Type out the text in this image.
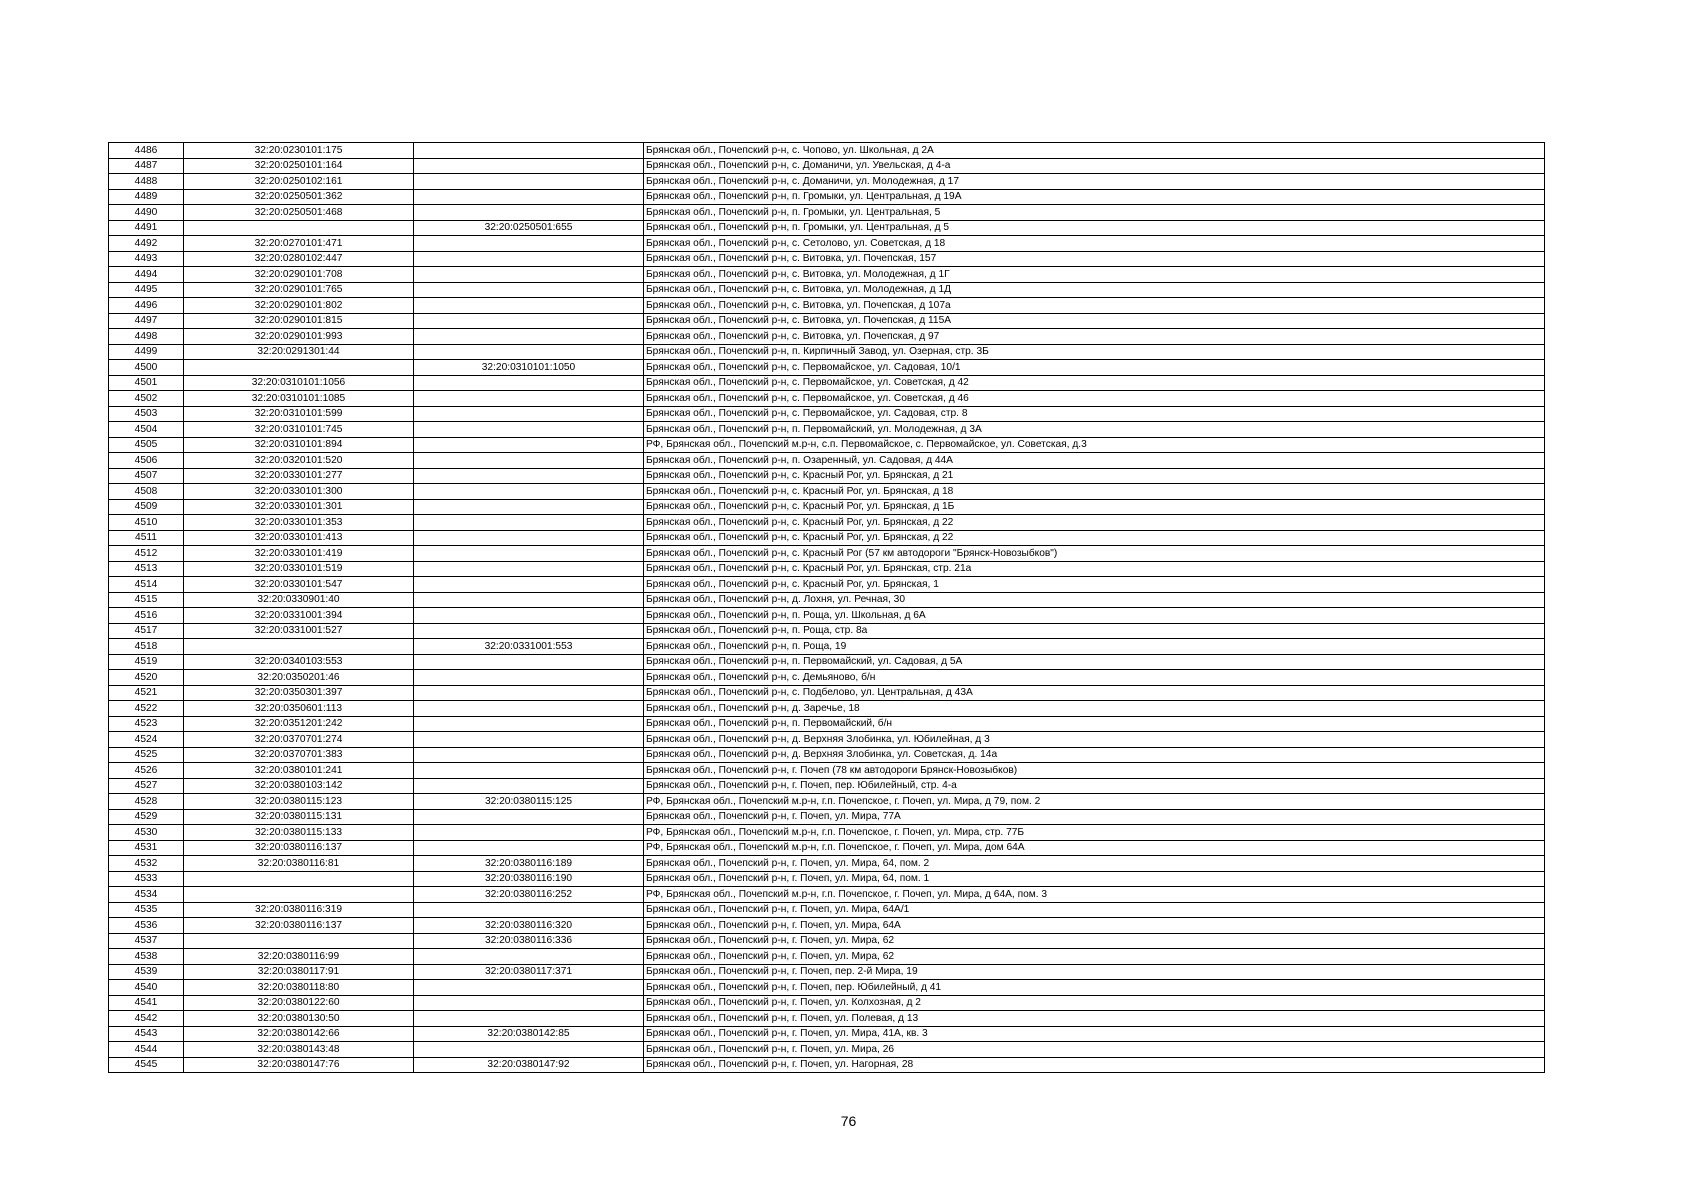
4486	32:20:0230101:175		Брянская обл., Почепский р-н, с. Чопово, ул. Школьная, д 2А
4487	32:20:0250101:164		Брянская обл., Почепский р-н, с. Доманичи, ул. Увельская, д 4-а
4488	32:20:0250102:161		Брянская обл., Почепский р-н, с. Доманичи, ул. Молодежная, д 17
4489	32:20:0250501:362		Брянская обл., Почепский р-н, п. Громыки, ул. Центральная, д 19А
4490	32:20:0250501:468		Брянская обл., Почепский р-н, п. Громыки, ул. Центральная, 5
4491		32:20:0250501:655	Брянская обл., Почепский р-н, п. Громыки, ул. Центральная, д 5
4492	32:20:0270101:471		Брянская обл., Почепский р-н, с. Сетолово, ул. Советская, д 18
4493	32:20:0280102:447		Брянская обл., Почепский р-н, с. Витовка, ул. Почепская, 157
4494	32:20:0290101:708		Брянская обл., Почепский р-н, с. Витовка, ул. Молодежная, д 1Г
4495	32:20:0290101:765		Брянская обл., Почепский р-н, с. Витовка, ул. Молодежная, д 1Д
4496	32:20:0290101:802		Брянская обл., Почепский р-н, с. Витовка, ул. Почепская, д 107а
4497	32:20:0290101:815		Брянская обл., Почепский р-н, с. Витовка, ул. Почепская, д 115А
4498	32:20:0290101:993		Брянская обл., Почепский р-н, с. Витовка, ул. Почепская, д 97
4499	32:20:0291301:44		Брянская обл., Почепский р-н, п. Кирпичный Завод, ул. Озерная, стр. 3Б
4500		32:20:0310101:1050	Брянская обл., Почепский р-н, с. Первомайское, ул. Садовая, 10/1
4501	32:20:0310101:1056		Брянская обл., Почепский р-н, с. Первомайское, ул. Советская, д 42
4502	32:20:0310101:1085		Брянская обл., Почепский р-н, с. Первомайское, ул. Советская, д 46
4503	32:20:0310101:599		Брянская обл., Почепский р-н, с. Первомайское, ул. Садовая, стр. 8
4504	32:20:0310101:745		Брянская обл., Почепский р-н, п. Первомайский, ул. Молодежная, д 3А
4505	32:20:0310101:894		РФ, Брянская обл., Почепский м.р-н, с.п. Первомайское, с. Первомайское, ул. Советская, д.3
4506	32:20:0320101:520		Брянская обл., Почепский р-н, п. Озаренный, ул. Садовая, д 44А
4507	32:20:0330101:277		Брянская обл., Почепский р-н, с. Красный Рог, ул. Брянская, д 21
4508	32:20:0330101:300		Брянская обл., Почепский р-н, с. Красный Рог, ул. Брянская, д 18
4509	32:20:0330101:301		Брянская обл., Почепский р-н, с. Красный Рог, ул. Брянская, д 1Б
4510	32:20:0330101:353		Брянская обл., Почепский р-н, с. Красный Рог, ул. Брянская, д 22
4511	32:20:0330101:413		Брянская обл., Почепский р-н, с. Красный Рог, ул. Брянская, д 22
4512	32:20:0330101:419		Брянская обл., Почепский р-н, с. Красный Рог (57 км автодороги "Брянск-Новозыбков")
4513	32:20:0330101:519		Брянская обл., Почепский р-н, с. Красный Рог, ул. Брянская, стр. 21а
4514	32:20:0330101:547		Брянская обл., Почепский р-н, с. Красный Рог, ул. Брянская, 1
4515	32:20:0330901:40		Брянская обл., Почепский р-н, д. Лохня, ул. Речная, 30
4516	32:20:0331001:394		Брянская обл., Почепский р-н, п. Роща, ул. Школьная, д 6А
4517	32:20:0331001:527		Брянская обл., Почепский р-н, п. Роща, стр. 8а
4518		32:20:0331001:553	Брянская обл., Почепский р-н, п. Роща, 19
4519	32:20:0340103:553		Брянская обл., Почепский р-н, п. Первомайский, ул. Садовая, д 5А
4520	32:20:0350201:46		Брянская обл., Почепский р-н, с. Демьяново, б/н
4521	32:20:0350301:397		Брянская обл., Почепский р-н, с. Подбелово, ул. Центральная, д 43А
4522	32:20:0350601:113		Брянская обл., Почепский р-н, д. Заречье, 18
4523	32:20:0351201:242		Брянская обл., Почепский р-н, п. Первомайский, б/н
4524	32:20:0370701:274		Брянская обл., Почепский р-н, д. Верхняя Злобинка, ул. Юбилейная, д 3
4525	32:20:0370701:383		Брянская обл., Почепский р-н, д. Верхняя Злобинка, ул. Советская, д. 14а
4526	32:20:0380101:241		Брянская обл., Почепский р-н, г. Почеп (78 км автодороги Брянск-Новозыбков)
4527	32:20:0380103:142		Брянская обл., Почепский р-н, г. Почеп, пер. Юбилейный, стр. 4-а
4528	32:20:0380115:123	32:20:0380115:125	РФ, Брянская обл., Почепский м.р-н, г.п. Почепское, г. Почеп, ул. Мира, д 79, пом. 2
4529	32:20:0380115:131		Брянская обл., Почепский р-н, г. Почеп, ул. Мира, 77А
4530	32:20:0380115:133		РФ, Брянская обл., Почепский м.р-н, г.п. Почепское, г. Почеп, ул. Мира, стр. 77Б
4531	32:20:0380116:137		РФ, Брянская обл., Почепский м.р-н, г.п. Почепское, г. Почеп, ул. Мира, дом 64А
4532	32:20:0380116:81	32:20:0380116:189	Брянская обл., Почепский р-н, г. Почеп, ул. Мира, 64, пом. 2
4533		32:20:0380116:190	Брянская обл., Почепский р-н, г. Почеп, ул. Мира, 64, пом. 1
4534		32:20:0380116:252	РФ, Брянская обл., Почепский м.р-н, г.п. Почепское, г. Почеп, ул. Мира, д 64А, пом. 3
4535	32:20:0380116:319		Брянская обл., Почепский р-н, г. Почеп, ул. Мира, 64А/1
4536	32:20:0380116:137	32:20:0380116:320	Брянская обл., Почепский р-н, г. Почеп, ул. Мира, 64А
4537		32:20:0380116:336	Брянская обл., Почепский р-н, г. Почеп, ул. Мира, 62
4538	32:20:0380116:99		Брянская обл., Почепский р-н, г. Почеп, ул. Мира, 62
4539	32:20:0380117:91	32:20:0380117:371	Брянская обл., Почепский р-н, г. Почеп, пер. 2-й Мира, 19
4540	32:20:0380118:80		Брянская обл., Почепский р-н, г. Почеп, пер. Юбилейный, д 41
4541	32:20:0380122:60		Брянская обл., Почепский р-н, г. Почеп, ул. Колхозная, д 2
4542	32:20:0380130:50		Брянская обл., Почепский р-н, г. Почеп, ул. Полевая, д 13
4543	32:20:0380142:66	32:20:0380142:85	Брянская обл., Почепский р-н, г. Почеп, ул. Мира, 41А, кв. 3
4544	32:20:0380143:48		Брянская обл., Почепский р-н, г. Почеп, ул. Мира, 26
4545	32:20:0380147:76	32:20:0380147:92	Брянская обл., Почепский р-н, г. Почеп, ул. Нагорная, 28
76
